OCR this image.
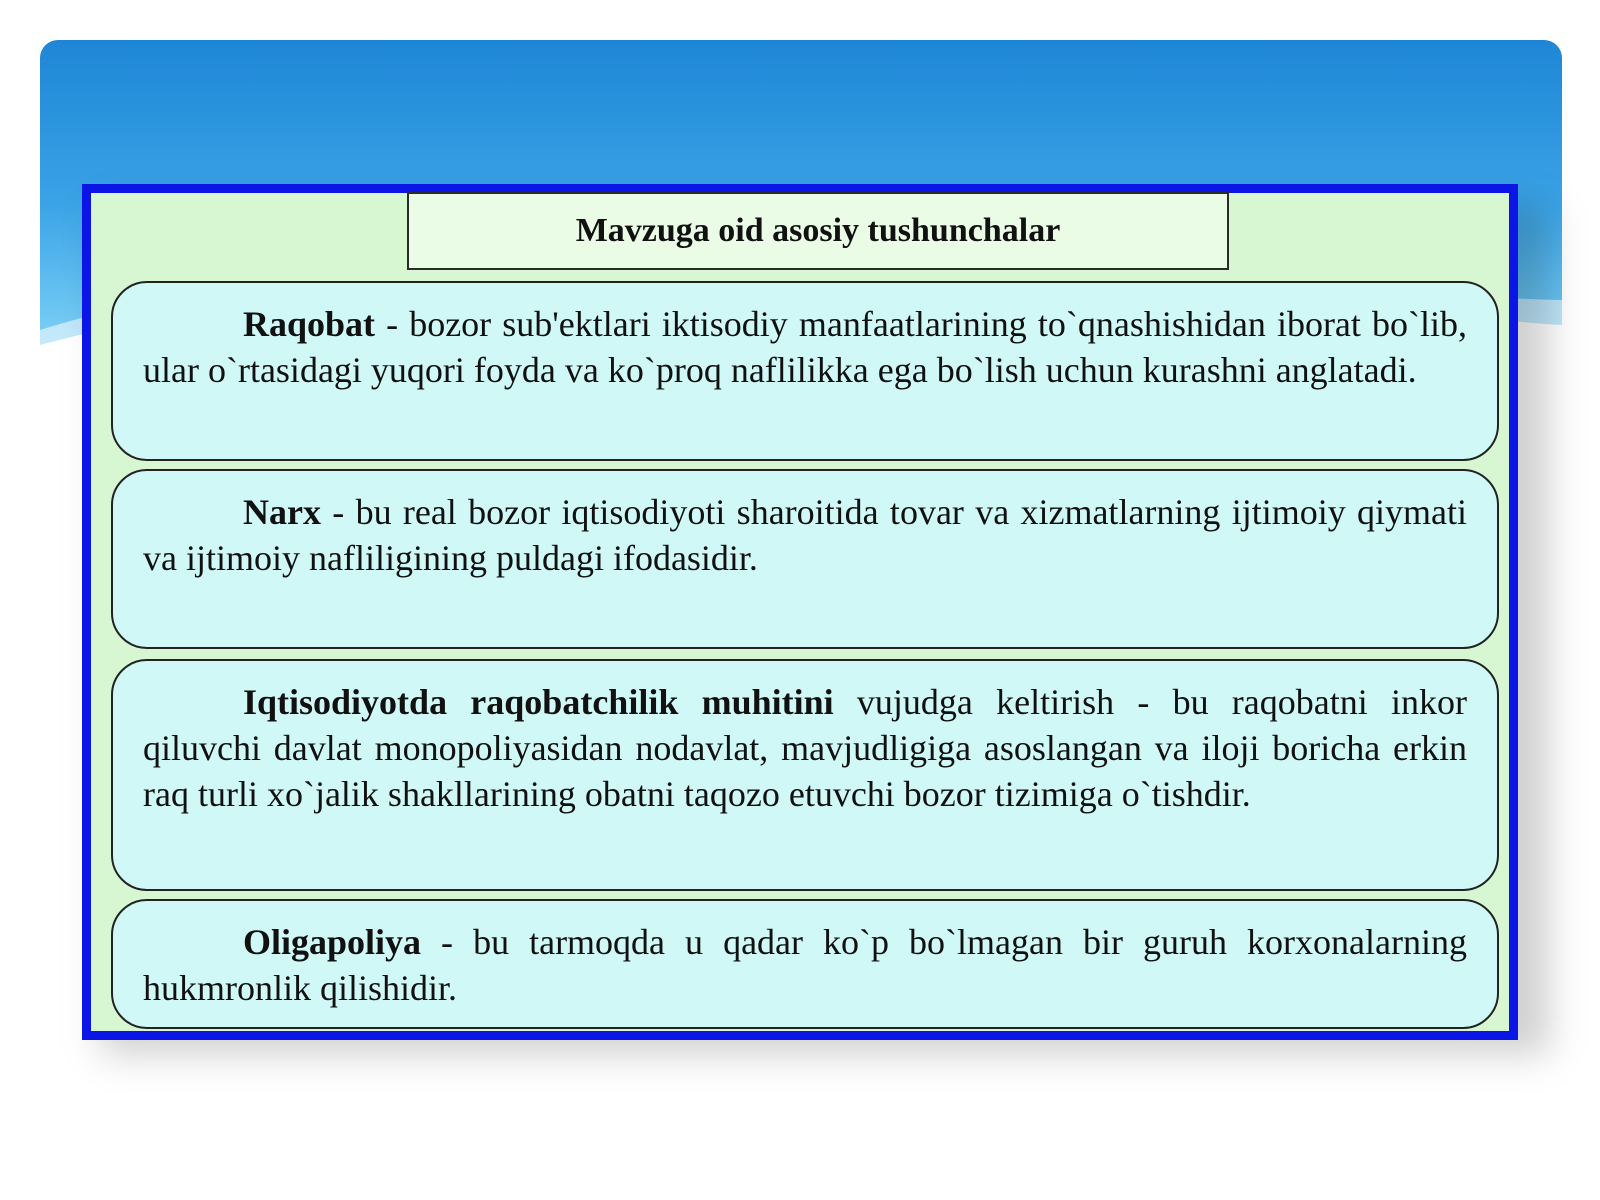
Mavzuga oid asosiy tushunchalar
Raqobat - bozor sub'ektlari iktisodiy manfaatlarining to`qnashishidan iborat bo`lib, ular o`rtasidagi yuqori foyda va ko`proq naflilikka ega bo`lish uchun kurashni anglatadi.
Narx - bu real bozor iqtisodiyoti sharoitida tovar va xizmatlarning ijtimoiy qiymati va ijtimoiy nafliligining puldagi ifodasidir.
Iqtisodiyotda raqobatchilik muhitini vujudga keltirish - bu raqobatni inkor qiluvchi davlat monopoliyasidan nodavlat, mavjudligiga asoslangan va iloji boricha erkin raq turli xo`jalik shakllarining obatni taqozo etuvchi bozor tizimiga o`tishdir.
Oligapoliya - bu tarmoqda u qadar ko`p bo`lmagan bir guruh korxonalarning hukmronlik qilishidir.
